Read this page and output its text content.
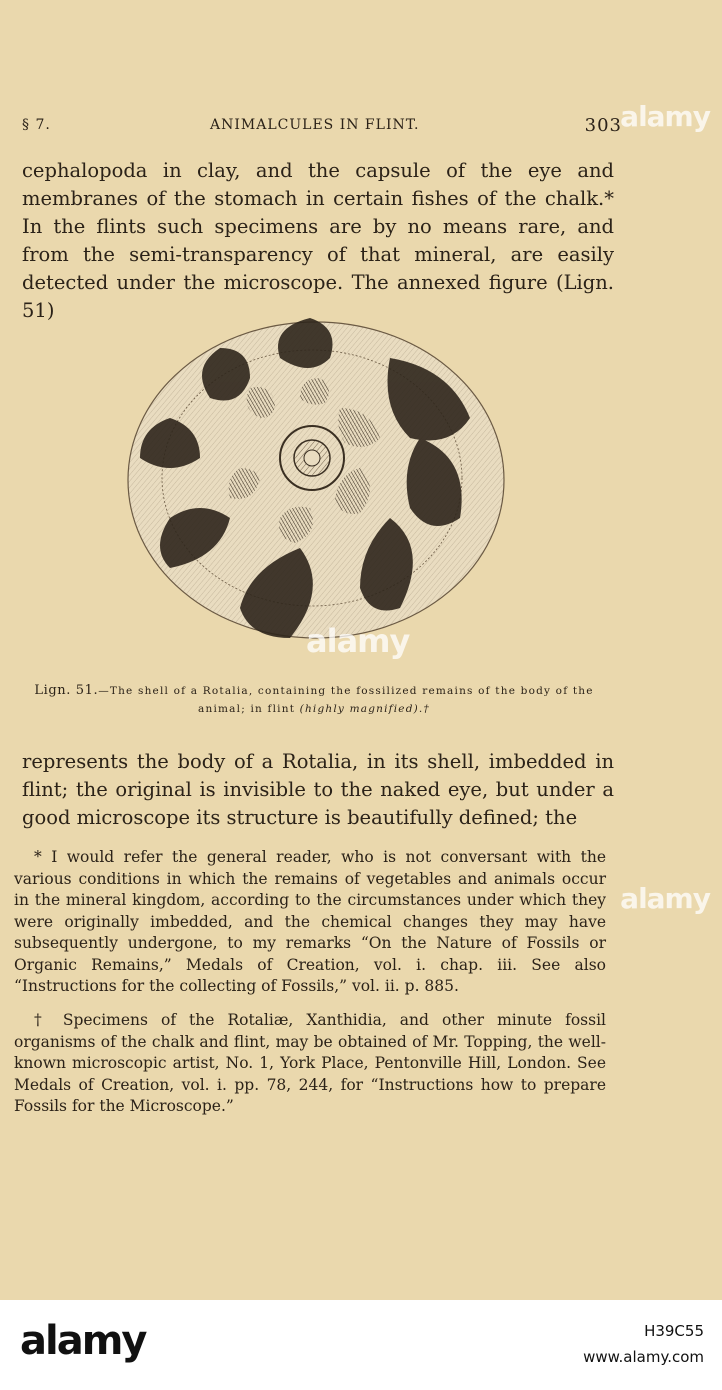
§ 7.	ANIMALCULES IN FLINT.	303
cephalopoda in clay, and the capsule of the eye and membranes of the stomach in certain fishes of the chalk.* In the flints such specimens are by no means rare, and from the semi-transparency of that mineral, are easily detected under the microscope. The annexed figure (Lign. 51)
Lign. 51.—The shell of a Rotalia, containing the fossilized remains of the body of the animal; in flint (highly magnified).†
represents the body of a Rotalia, in its shell, imbedded in flint; the original is invisible to the naked eye, but under a good microscope its structure is beautifully defined; the
* I would refer the general reader, who is not conversant with the various conditions in which the remains of vegetables and animals occur in the mineral kingdom, according to the circumstances under which they were originally imbedded, and the chemical changes they may have subsequently undergone, to my remarks “On the Nature of Fossils or Organic Remains,” Medals of Creation, vol. i. chap. iii. See also “Instructions for the collecting of Fossils,” vol. ii. p. 885.
† Specimens of the Rotaliæ, Xanthidia, and other minute fossil organisms of the chalk and flint, may be obtained of Mr. Topping, the well-known microscopic artist, No. 1, York Place, Pentonville Hill, London. See Medals of Creation, vol. i. pp. 78, 244, for “Instructions how to prepare Fossils for the Microscope.”
alamy
alamy
alamy
alamy	H39C55
www.alamy.com
